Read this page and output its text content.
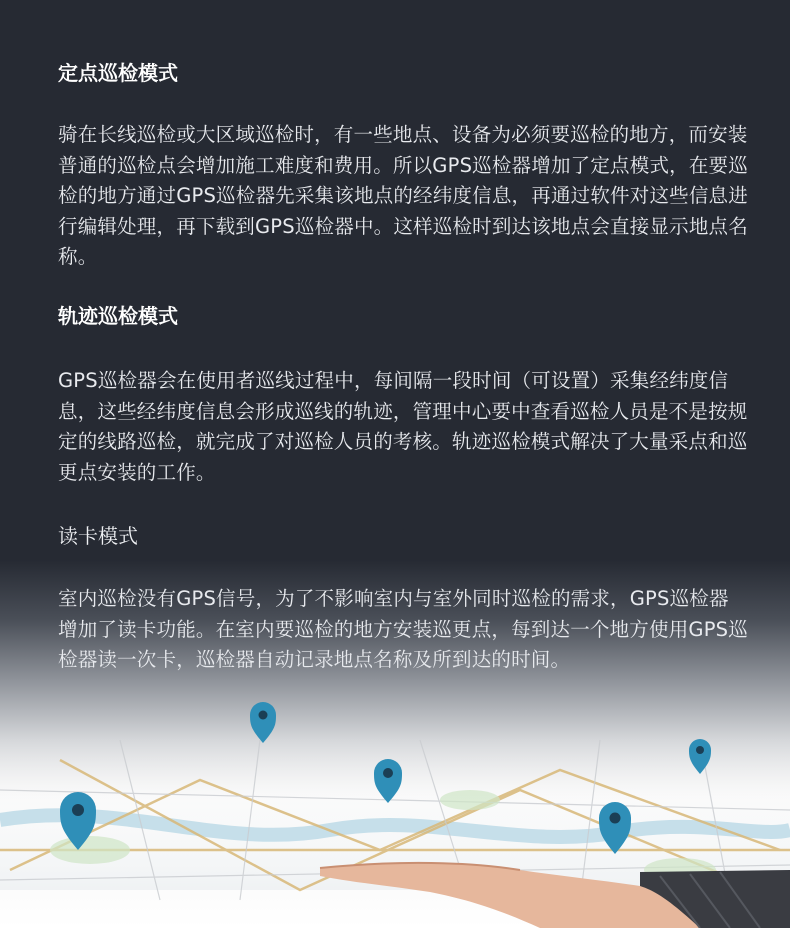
定点巡检模式
骑在长线巡检或大区域巡检时，有一些地点、设备为必须要巡检的地方，而安装普通的巡检点会增加施工难度和费用。所以GPS巡检器增加了定点模式，在要巡检的地方通过GPS巡检器先采集该地点的经纬度信息，再通过软件对这些信息进行编辑处理，再下载到GPS巡检器中。这样巡检时到达该地点会直接显示地点名称。
轨迹巡检模式
GPS巡检器会在使用者巡线过程中，每间隔一段时间（可设置）采集经纬度信息，这些经纬度信息会形成巡线的轨迹，管理中心要中查看巡检人员是不是按规定的线路巡检，就完成了对巡检人员的考核。轨迹巡检模式解决了大量采点和巡更点安装的工作。
读卡模式
室内巡检没有GPS信号，为了不影响室内与室外同时巡检的需求，GPS巡检器增加了读卡功能。在室内要巡检的地方安装巡更点，每到达一个地方使用GPS巡检器读一次卡，巡检器自动记录地点名称及所到达的时间。
